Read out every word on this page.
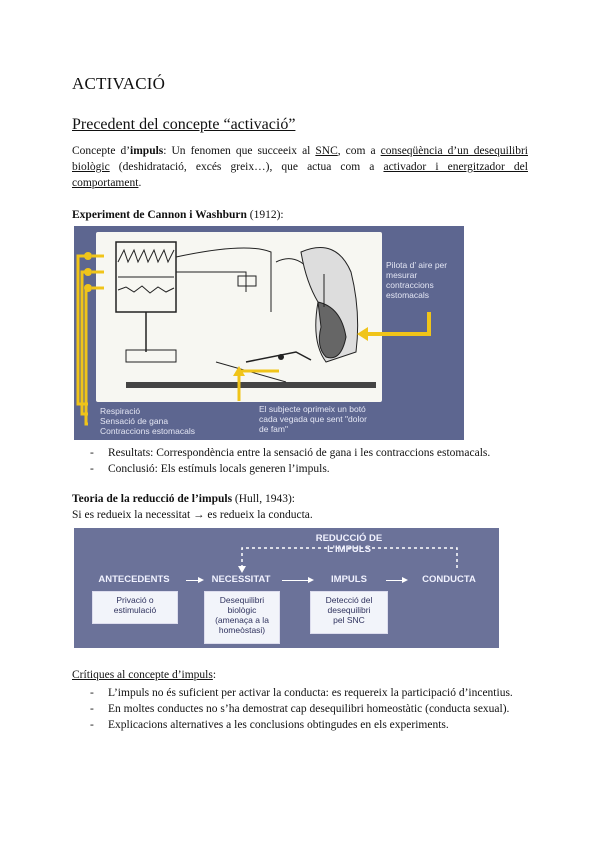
ACTIVACIÓ
Precedent del concepte “activació”
Concepte d’impuls: Un fenomen que succeeix al SNC, com a conseqüència d’un desequilibri biològic (deshidratació, excés greix…), que actua com a activador i energitzador del comportament.
Experiment de Cannon i Washburn (1912):
Pilota d’ aire per
mesurar
contraccions
estomacals
Respiració
Sensació de gana
Contraccions estomacals
El subjecte oprimeix un botó
cada vegada que sent "dolor
de fam"
- Resultats: Correspondència entre la sensació de gana i les contraccions estomacals.
- Conclusió: Els estímuls locals generen l’impuls.
Teoria de la reducció de l’impuls (Hull, 1943):
Si es redueix la necessitat → es redueix la conducta.
REDUCCIÓ DE L’IMPULS
ANTECEDENTS	NECESSITAT	IMPULS	CONDUCTA
Privació o
estimulació
Desequilibri
biològic
(amenaça a la
homeòstasi)
Detecció del
desequilibri
pel SNC
Crítiques al concepte d’impuls:
- L’impuls no és suficient per activar la conducta: es requereix la participació d’incentius.
- En moltes conductes no s’ha demostrat cap desequilibri homeostàtic (conducta sexual).
- Explicacions alternatives a les conclusions obtingudes en els experiments.
